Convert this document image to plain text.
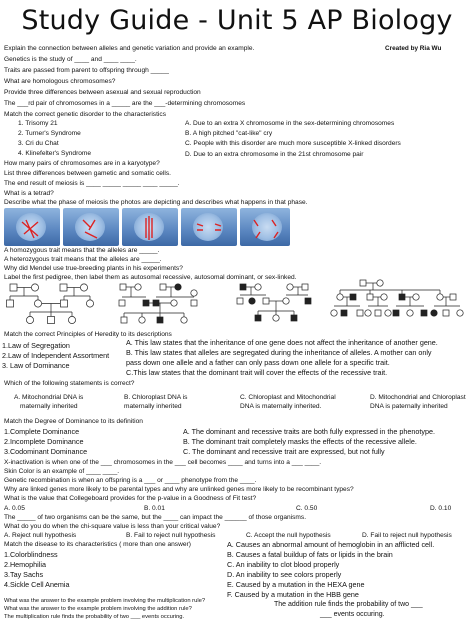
Study Guide - Unit 5 AP Biology
Explain the connection between alleles and genetic variation and provide an example.	Created by Ria Wu
Genetics is the study of ____ and ____ ____.
Traits are passed from parent to offspring through _____
What are homologous chromosomes?
Provide three differences between asexual and sexual reproduction
The ___rd pair of chromosomes in a _____ are the ___-determining chromosomes
Match the correct genetic disorder to the characteristics
1. Trisomy 21
2. Turner's Syndrome
3. Cri du Chat
4. Klinefelter's Syndrome
A. Due to an extra X chromosome in the sex-determining chromosomes
B. A high pitched "cat-like" cry
C. People with this disorder are much more susceptible X-linked disorders
D. Due to an extra chromosome in the 21st chromosome pair
How many pairs of chromosomes are in a karyotype?
List three differences between gametic and somatic cells.
The end result of meiosis is ____ _____ _____ ____ _____.
What is a tetrad?
Describe what the phase of meiosis the photos are depicting and describes what happens in that phase.
A homozygous trait means that the alleles are _____.
A heterozygous trait means that the alleles are _____.
Why did Mendel use true-breeding plants in his experiments?
Label the first pedigree, then label them as autosomal recessive, autosomal dominant, or sex-linked.
Match the correct Principles of Heredity to its descriptions
1.Law of Segregation
2.Law of Independent Assortment
3. Law of Dominance
A. This law states that the inheritance of one gene does not affect the inheritance of another gene.
B. This law states that alleles are segregated during the inheritance of alleles. A mother can only
pass down one allele and a father can only pass down one allele for a specific trait.
C.This law states that the dominant trait will cover the effects of the recessive trait.
Which of the following statements is correct?
A. Mitochondrial DNA is
maternally inherited
B. Chloroplast DNA is
maternally inherited
C. Chloroplast and Mitochondrial
DNA is maternally inherited.
D. Mitochondrial and Chloroplast
DNA is paternally inherited
Match the Degree of Dominance to its definition
1.Complete Dominance
2.Incomplete Dominance
3.Codominant Dominance
A. The dominant and recessive traits are both fully expressed in the phenotype.
B. The dominant trait completely masks the effects of the recessive allele.
C. The dominant and recessive trait are expressed, but not fully
X-inactivation is when one of the ___ chromosomes in the ___ cell becomes ____ and turns into a ___ ____.
Skin Color is an example of ____ ____.
Genetic recombination is when an offspring is a ___ or ____ phenotype from the ____.
Why are linked genes more likely to be parental types and why are unlinked genes more likely to be recombinant types?
What is the value that Collegeboard provides for the p-value in a Goodness of Fit test?
A. 0.05	B. 0.01	C. 0.50	D. 0.10
The _____ of two organisms can be the same, but the ____ can impact the ______ of those organisms.
What do you do when the chi-square value is less than your critical value?
A. Reject null hypothesis	B. Fail to reject null hypothesis	C. Accept the null hypothesis	D. Fail to reject null hypothesis
Match the disease to its characteristics ( more than one answer)
1.Colorblindness
2.Hemophilia
3.Tay Sachs
4.Sickle Cell Anemia
A. Causes an abnormal amount of hemoglobin in an afflicted cell.
B. Causes a fatal buildup of fats or lipids in the brain
C. An inability to clot blood properly
D. An inability to see colors properly
E. Caused by a mutation in the HEXA gene
F. Caused by a mutation in the HBB gene
What was the answer to the example problem involving the multiplication rule?
What was the answer to the example problem involving the addition rule?
The multiplication rule finds the probability of two ___ events occuring.
The addition rule finds the probability of two ___
___ events occuring.
